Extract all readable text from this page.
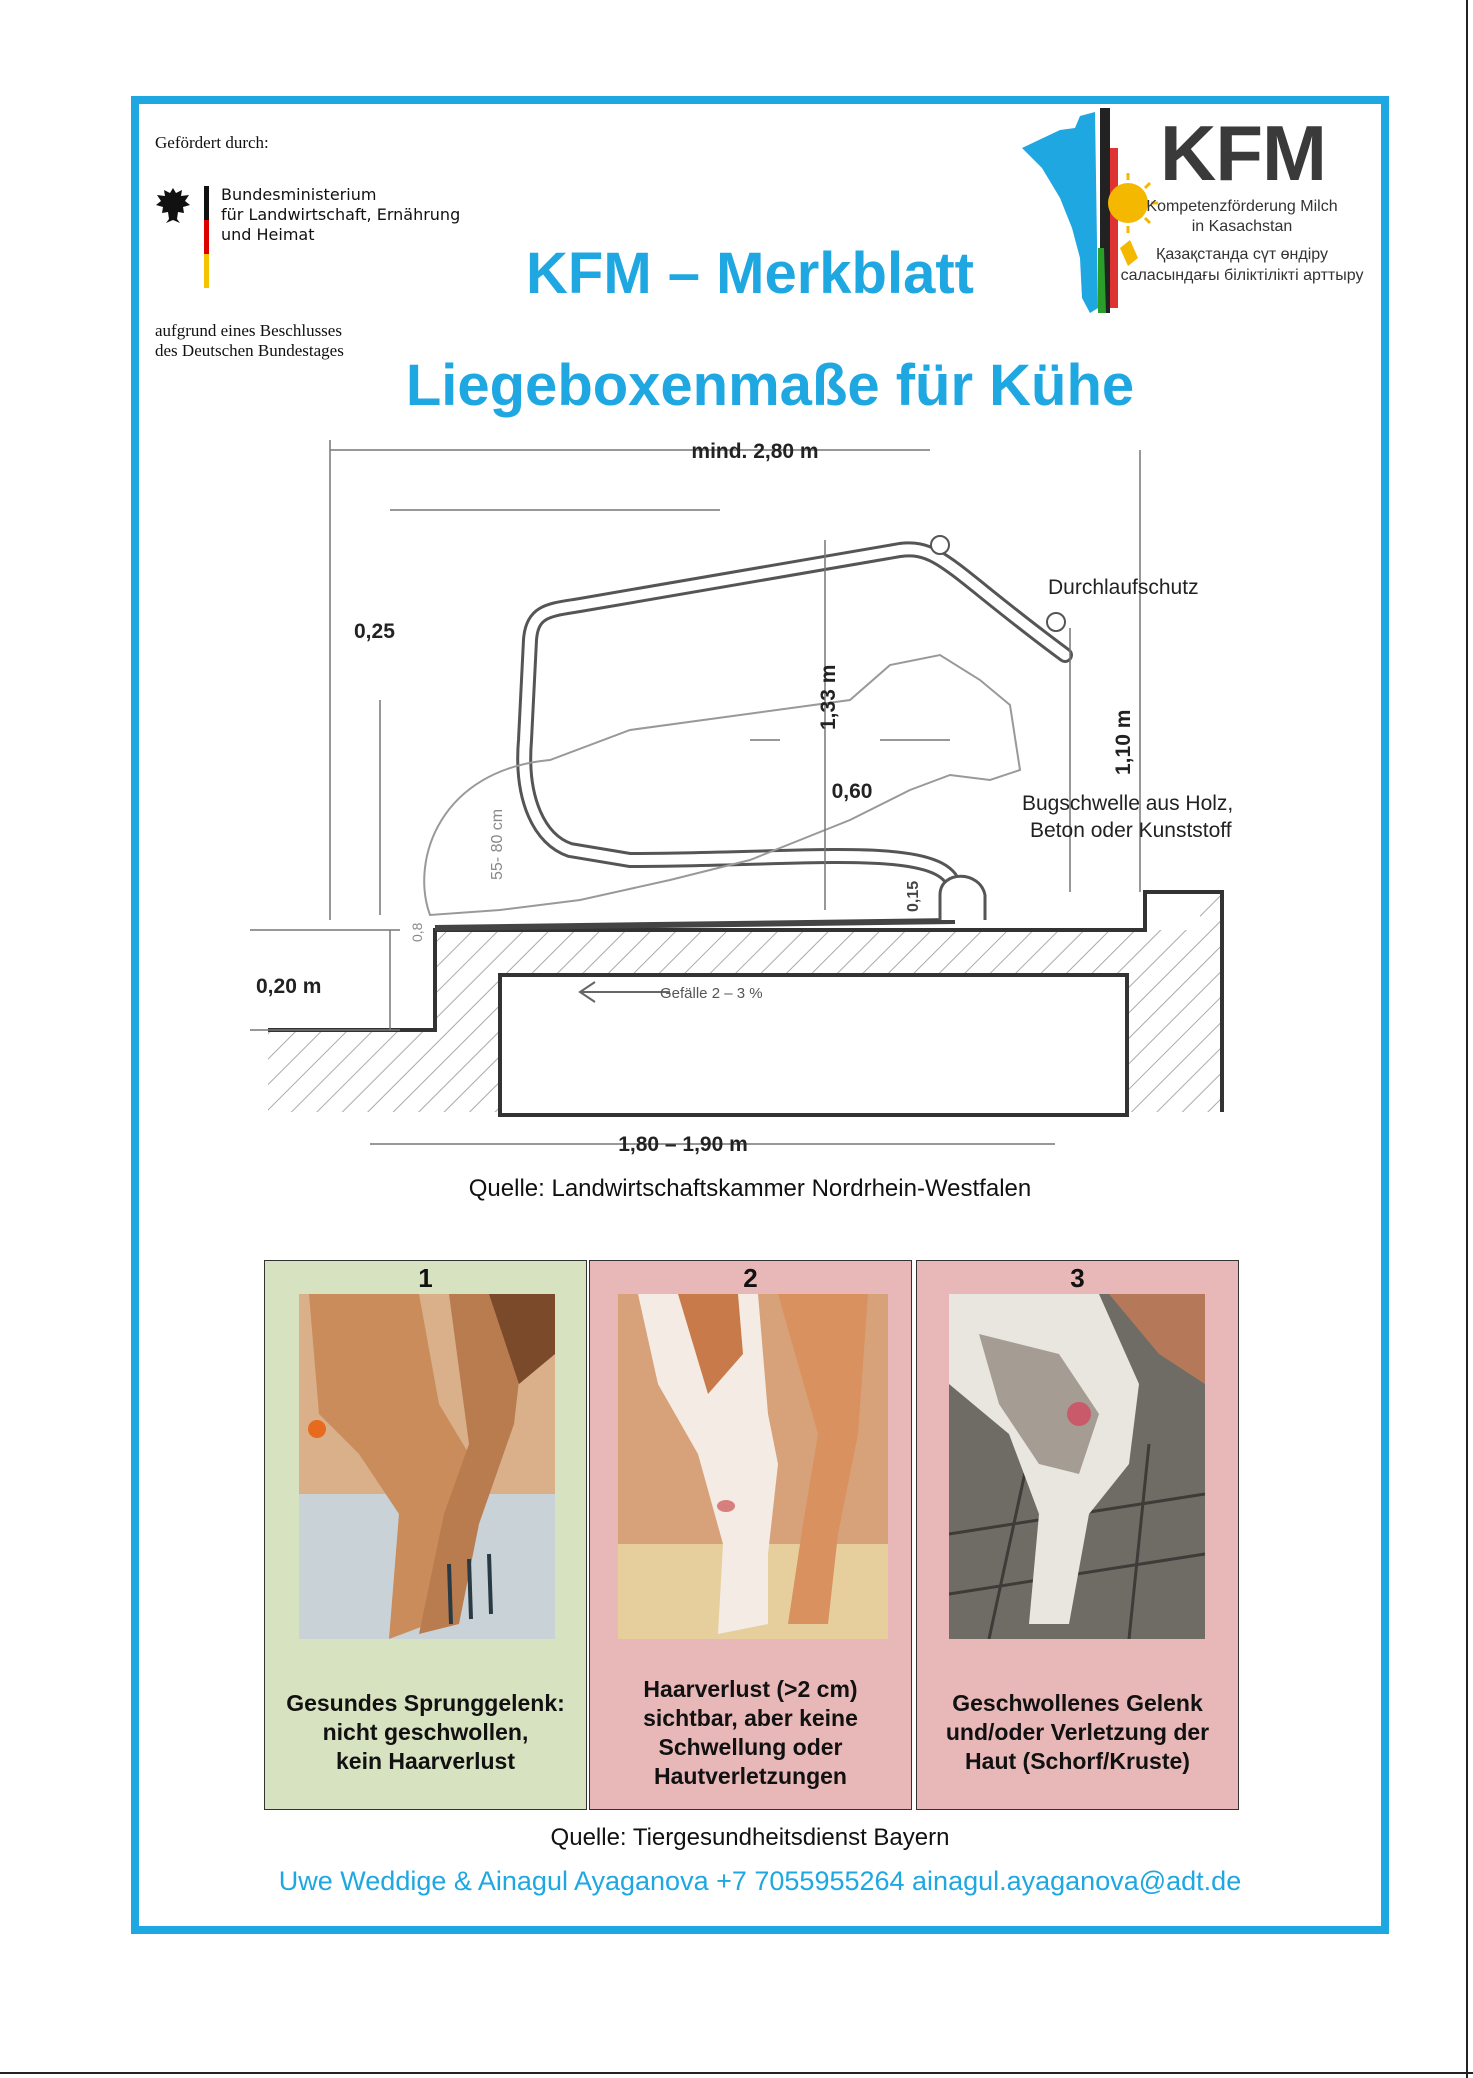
Gefördert durch:
Bundesministerium
für Landwirtschaft, Ernährung
und Heimat
aufgrund eines Beschlusses
des Deutschen Bundestages
KFM
Kompetenzförderung Milch
in Kasachstan
Қазақстанда сүт өндіру
саласындағы біліктілікті арттыру
KFM – Merkblatt
Liegeboxenmaße für Kühe
mind. 2,80 m
0,25
1,33 m
Durchlaufschutz
1,10 m
0,60
Bugschwelle aus Holz,
Beton oder Kunststoff
55- 80 cm
0,15
0,8
0,20 m	Gefälle 2 – 3 %
1,80 – 1,90 m
Quelle: Landwirtschaftskammer Nordrhein-Westfalen
1
Gesundes Sprunggelenk:
nicht geschwollen,
kein Haarverlust
2
Haarverlust (>2 cm)
sichtbar, aber keine
Schwellung oder
Hautverletzungen
3
Geschwollenes Gelenk
und/oder Verletzung der
Haut (Schorf/Kruste)
Quelle: Tiergesundheitsdienst Bayern
Uwe Weddige & Ainagul Ayaganova +7 7055955264 ainagul.ayaganova@adt.de
